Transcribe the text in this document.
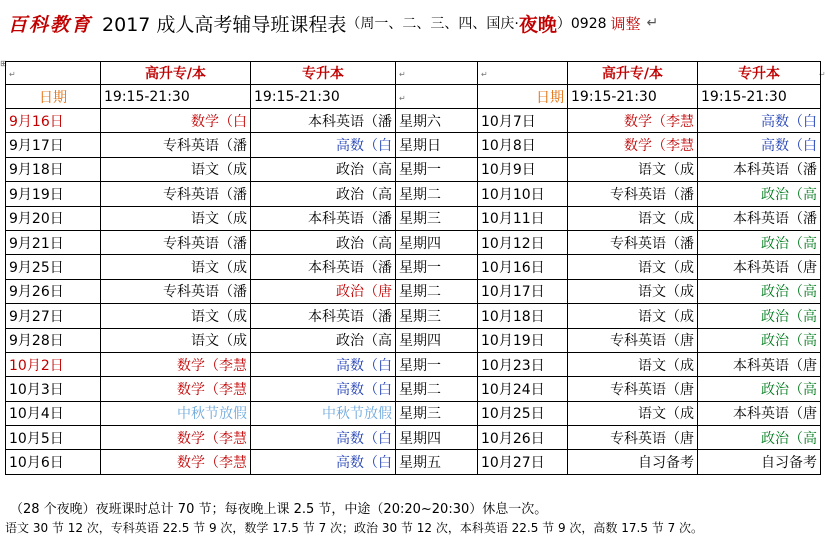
百科教育 2017 成人高考辅导班课程表 （周一、二、三、四、国庆· 夜晚 ）0928 调整 ↵
⊞
↵
↵	高升专/本	专升本	↵	↵	高升专/本	专升本
日期	19:15-21:30	19:15-21:30	↵	日期	19:15-21:30	19:15-21:30
9月16日	数学（白	本科英语（潘	星期六	10月7日	数学（李慧	高数（白
9月17日	专科英语（潘	高数（白	星期日	10月8日	数学（李慧	高数（白
9月18日	语文（成	政治（高	星期一	10月9日	语文（成	本科英语（潘
9月19日	专科英语（潘	政治（高	星期二	10月10日	专科英语（潘	政治（高
9月20日	语文（成	本科英语（潘	星期三	10月11日	语文（成	本科英语（潘
9月21日	专科英语（潘	政治（高	星期四	10月12日	专科英语（潘	政治（高
9月25日	语文（成	本科英语（潘	星期一	10月16日	语文（成	本科英语（唐
9月26日	专科英语（潘	政治（唐	星期二	10月17日	语文（成	政治（高
9月27日	语文（成	本科英语（潘	星期三	10月18日	语文（成	政治（高
9月28日	语文（成	政治（高	星期四	10月19日	专科英语（唐	政治（高
10月2日	数学（李慧	高数（白	星期一	10月23日	语文（成	本科英语（唐
10月3日	数学（李慧	高数（白	星期二	10月24日	专科英语（唐	政治（高
10月4日	中秋节放假	中秋节放假	星期三	10月25日	语文（成	本科英语（唐
10月5日	数学（李慧	高数（白	星期四	10月26日	专科英语（唐	政治（高
10月6日	数学（李慧	高数（白	星期五	10月27日	自习备考	自习备考
（28 个夜晚）夜班课时总计 70 节；每夜晚上课 2.5 节，中途（20:20~20:30）休息一次。
语文 30 节 12 次，专科英语 22.5 节 9 次，数学 17.5 节 7 次；政治 30 节 12 次，本科英语 22.5 节 9 次，高数 17.5 节 7 次。
